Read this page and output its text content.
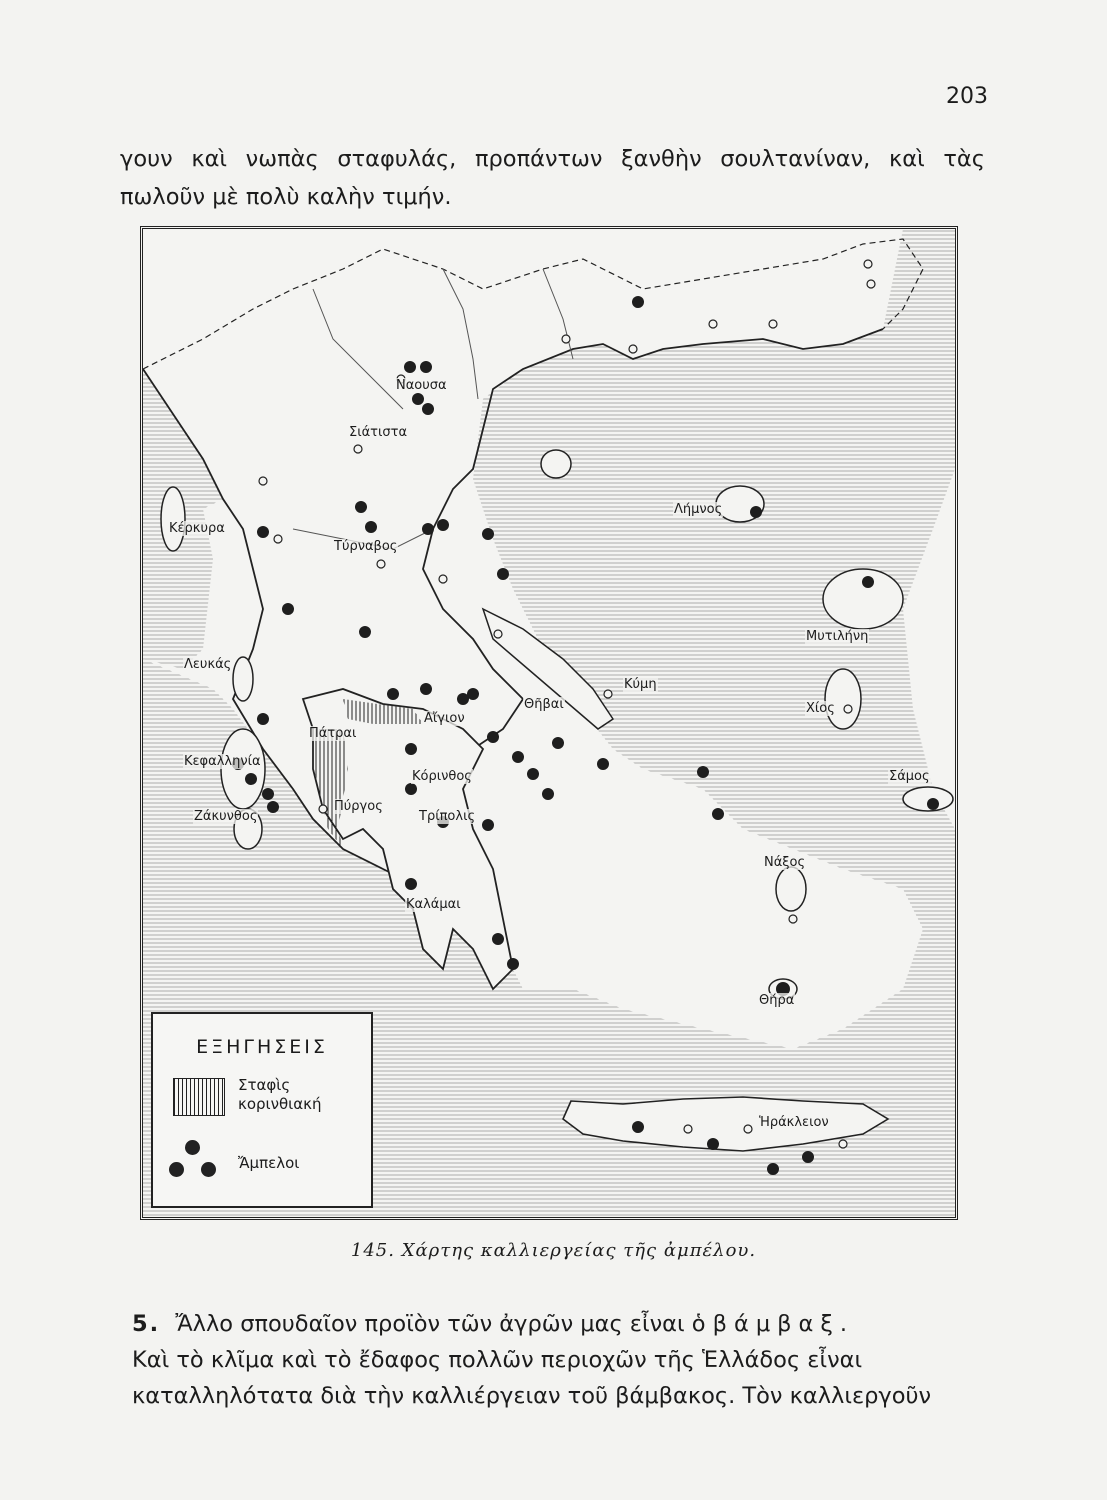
203
γουν καὶ νωπὰς σταφυλάς, προπάντων ξανθὴν σουλτανίναν, καὶ τὰς
πωλοῦν μὲ πολὺ καλὴν τιμήν.
Ναουσα
Σιάτιστα
Λήμνος
Κέρκυρα
Τύρναβος
Μυτιλήνη
Λευκάς
Κύμη
Θῆβαι
Αἴγιον
Πάτραι
Χίος
Κεφαλληνία
Κόρινθος	Σάμος
Πύργος
Τρίπολις
Ζάκυνθος
Νάξος
Καλάμαι
Θήρα
Ἡράκλειον
ΕΞΗΓΗΣΕΙΣ
Σταφὶς
κορινθιακή
Ἄμπελοι
145. Χάρτης καλλιεργείας τῆς ἀμπέλου.
5. Ἄλλο σπουδαῖον προϊὸν τῶν ἀγρῶν μας εἶναι ὁ βάμβαξ.
Καὶ τὸ κλῖμα καὶ τὸ ἔδαφος πολλῶν περιοχῶν τῆς Ἑλλάδος εἶναι
καταλληλότατα διὰ τὴν καλλιέργειαν τοῦ βάμβακος. Τὸν καλλιεργοῦν
